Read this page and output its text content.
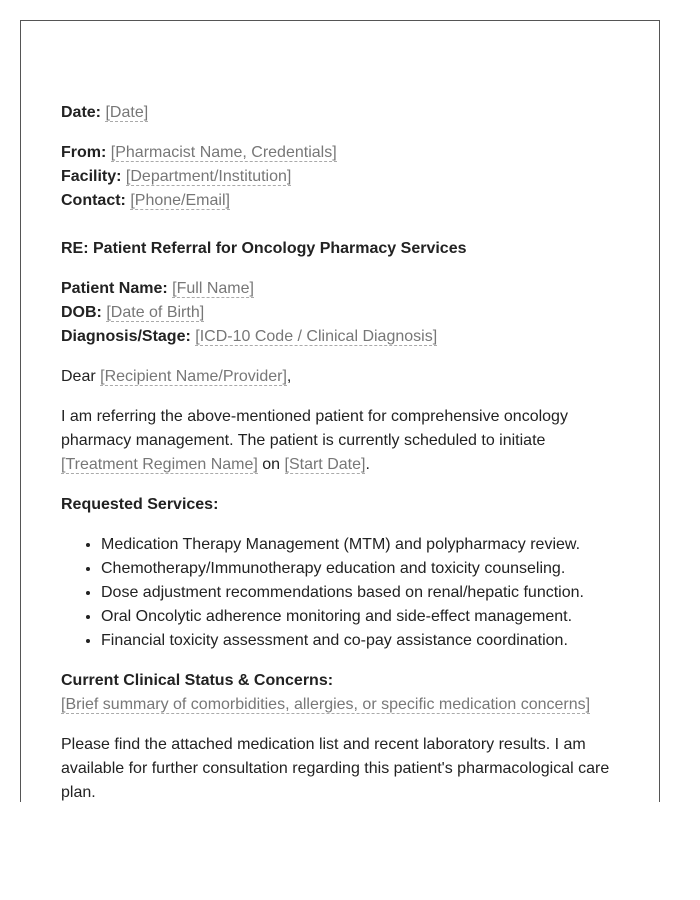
Date: [Date]
From: [Pharmacist Name, Credentials]
Facility: [Department/Institution]
Contact: [Phone/Email]
RE: Patient Referral for Oncology Pharmacy Services
Patient Name: [Full Name]
DOB: [Date of Birth]
Diagnosis/Stage: [ICD-10 Code / Clinical Diagnosis]

Dear [Recipient Name/Provider],

I am referring the above-mentioned patient for comprehensive oncology pharmacy management. The patient is currently scheduled to initiate [Treatment Regimen Name] on [Start Date].

Requested Services:
• Medication Therapy Management (MTM) and polypharmacy review.
• Chemotherapy/Immunotherapy education and toxicity counseling.
• Dose adjustment recommendations based on renal/hepatic function.
• Oral Oncolytic adherence monitoring and side-effect management.
• Financial toxicity assessment and co-pay assistance coordination.
Current Clinical Status & Concerns:
[Brief summary of comorbidities, allergies, or specific medication concerns]

Please find the attached medication list and recent laboratory results. I am available for further consultation regarding this patient's pharmacological care plan.
